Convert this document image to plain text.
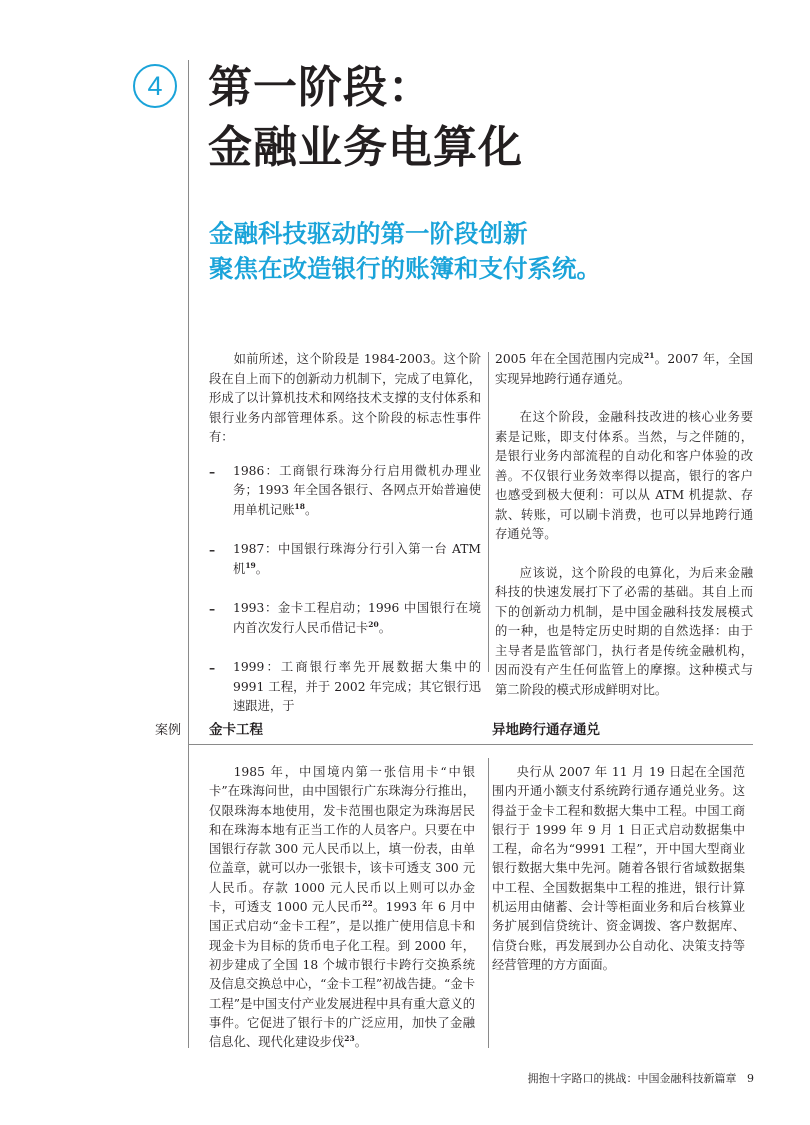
4 第一阶段：
金融业务电算化
金融科技驱动的第一阶段创新
聚焦在改造银行的账簿和支付系统。

如前所述，这个阶段是 1984-2003。这个阶段在自上而下的创新动力机制下，完成了电算化，形成了以计算机技术和网络技术支撑的支付体系和银行业务内部管理体系。这个阶段的标志性事件有：

– 1986：工商银行珠海分行启用微机办理业务；1993 年全国各银行、各网点开始普遍使用单机记账$^{18}$。
– 1987：中国银行珠海分行引入第一台 ATM 机$^{19}$。
– 1993：金卡工程启动；1996 中国银行在境内首次发行人民币借记卡$^{20}$。
– 1999：工商银行率先开展数据大集中的 9991 工程，并于 2002 年完成；其它银行迅速跟进，于

2005 年在全国范围内完成$^{21}$。2007 年，全国实现异地跨行通存通兑。

在这个阶段，金融科技改进的核心业务要素是记账，即支付体系。当然，与之伴随的，是银行业务内部流程的自动化和客户体验的改善。不仅银行业务效率得以提高，银行的客户也感受到极大便利：可以从 ATM 机提款、存款、转账，可以刷卡消费，也可以异地跨行通存通兑等。

应该说，这个阶段的电算化，为后来金融科技的快速发展打下了必需的基础。其自上而下的创新动力机制，是中国金融科技发展模式的一种，也是特定历史时期的自然选择：由于主导者是监管部门，执行者是传统金融机构，因而没有产生任何监管上的摩擦。这种模式与第二阶段的模式形成鲜明对比。

案例 金卡工程	异地跨行通存通兑

1985 年，中国境内第一张信用卡“中银卡”在珠海问世，由中国银行广东珠海分行推出，仅限珠海本地使用，发卡范围也限定为珠海居民和在珠海本地有正当工作的人员客户。只要在中国银行存款 300 元人民币以上，填一份表，由单位盖章，就可以办一张银卡，该卡可透支 300 元人民币。存款 1000 元人民币以上则可以办金卡，可透支 1000 元人民币$^{22}$。1993 年 6 月中国正式启动“金卡工程”，是以推广使用信息卡和现金卡为目标的货币电子化工程。到 2000 年，初步建成了全国 18 个城市银行卡跨行交换系统及信息交换总中心，“金卡工程”初战告捷。“金卡工程”是中国支付产业发展进程中具有重大意义的事件。它促进了银行卡的广泛应用，加快了金融信息化、现代化建设步伐$^{23}$。

央行从 2007 年 11 月 19 日起在全国范围内开通小额支付系统跨行通存通兑业务。这得益于金卡工程和数据大集中工程。中国工商银行于 1999 年 9 月 1 日正式启动数据集中工程，命名为“9991 工程”，开中国大型商业银行数据大集中先河。随着各银行省域数据集中工程、全国数据集中工程的推进，银行计算机运用由储蓄、会计等柜面业务和后台核算业务扩展到信贷统计、资金调拨、客户数据库、信贷台账，再发展到办公自动化、决策支持等经营管理的方方面面。

拥抱十字路口的挑战：中国金融科技新篇章 9
